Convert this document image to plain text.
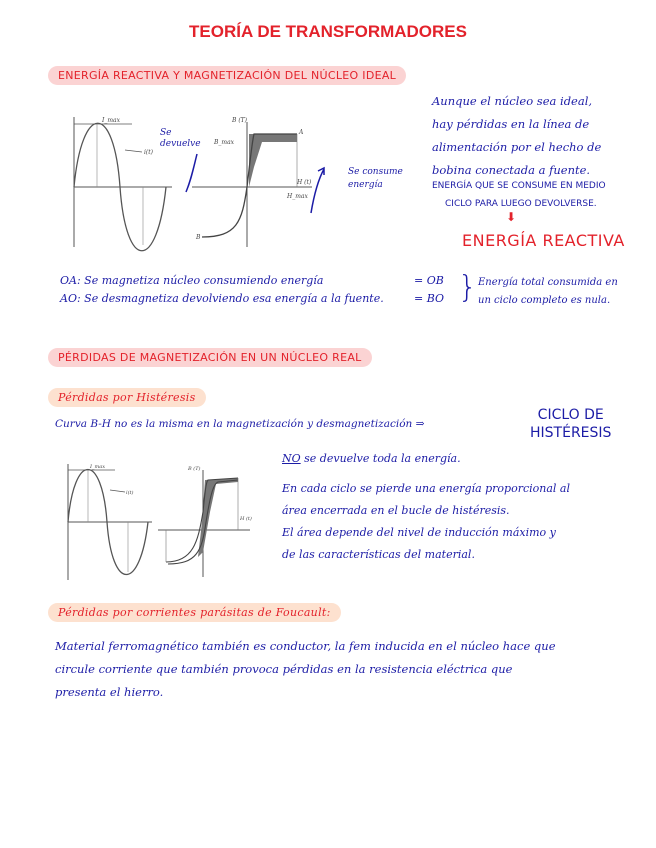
TEORÍA DE TRANSFORMADORES
ENERGÍA REACTIVA Y MAGNETIZACIÓN DEL NÚCLEO IDEAL
I_max
i(t)
B (T)
B_max
H (t)
H_max
A
B
Se devuelve
Se consume energía
Aunque el núcleo sea ideal,
hay pérdidas en la línea de
alimentación por el hecho de
bobina conectada a fuente.
ENERGÍA QUE SE CONSUME EN MEDIO
CICLO PARA LUEGO DEVOLVERSE.
⬇
ENERGÍA REACTIVA
OA: Se magnetiza núcleo consumiendo energía	= OB
AO: Se desmagnetiza devolviendo esa energía a la fuente.	= BO } Energía total consumida en
un ciclo completo es nula.
PÉRDIDAS DE MAGNETIZACIÓN EN UN NÚCLEO REAL
Pérdidas por Histéresis
Curva B-H no es la misma en la magnetización y desmagnetización ⇒
CICLO DE
HISTÉRESIS
I_max
i(t)
B (T)
H (t)
NO se devuelve toda la energía.
En cada ciclo se pierde una energía proporcional al
área encerrada en el bucle de histéresis.
El área depende del nivel de inducción máximo y
de las características del material.
Pérdidas por corrientes parásitas de Foucault:
Material ferromagnético también es conductor, la fem inducida en el núcleo hace que
circule corriente que también provoca pérdidas en la resistencia eléctrica que
presenta el hierro.
